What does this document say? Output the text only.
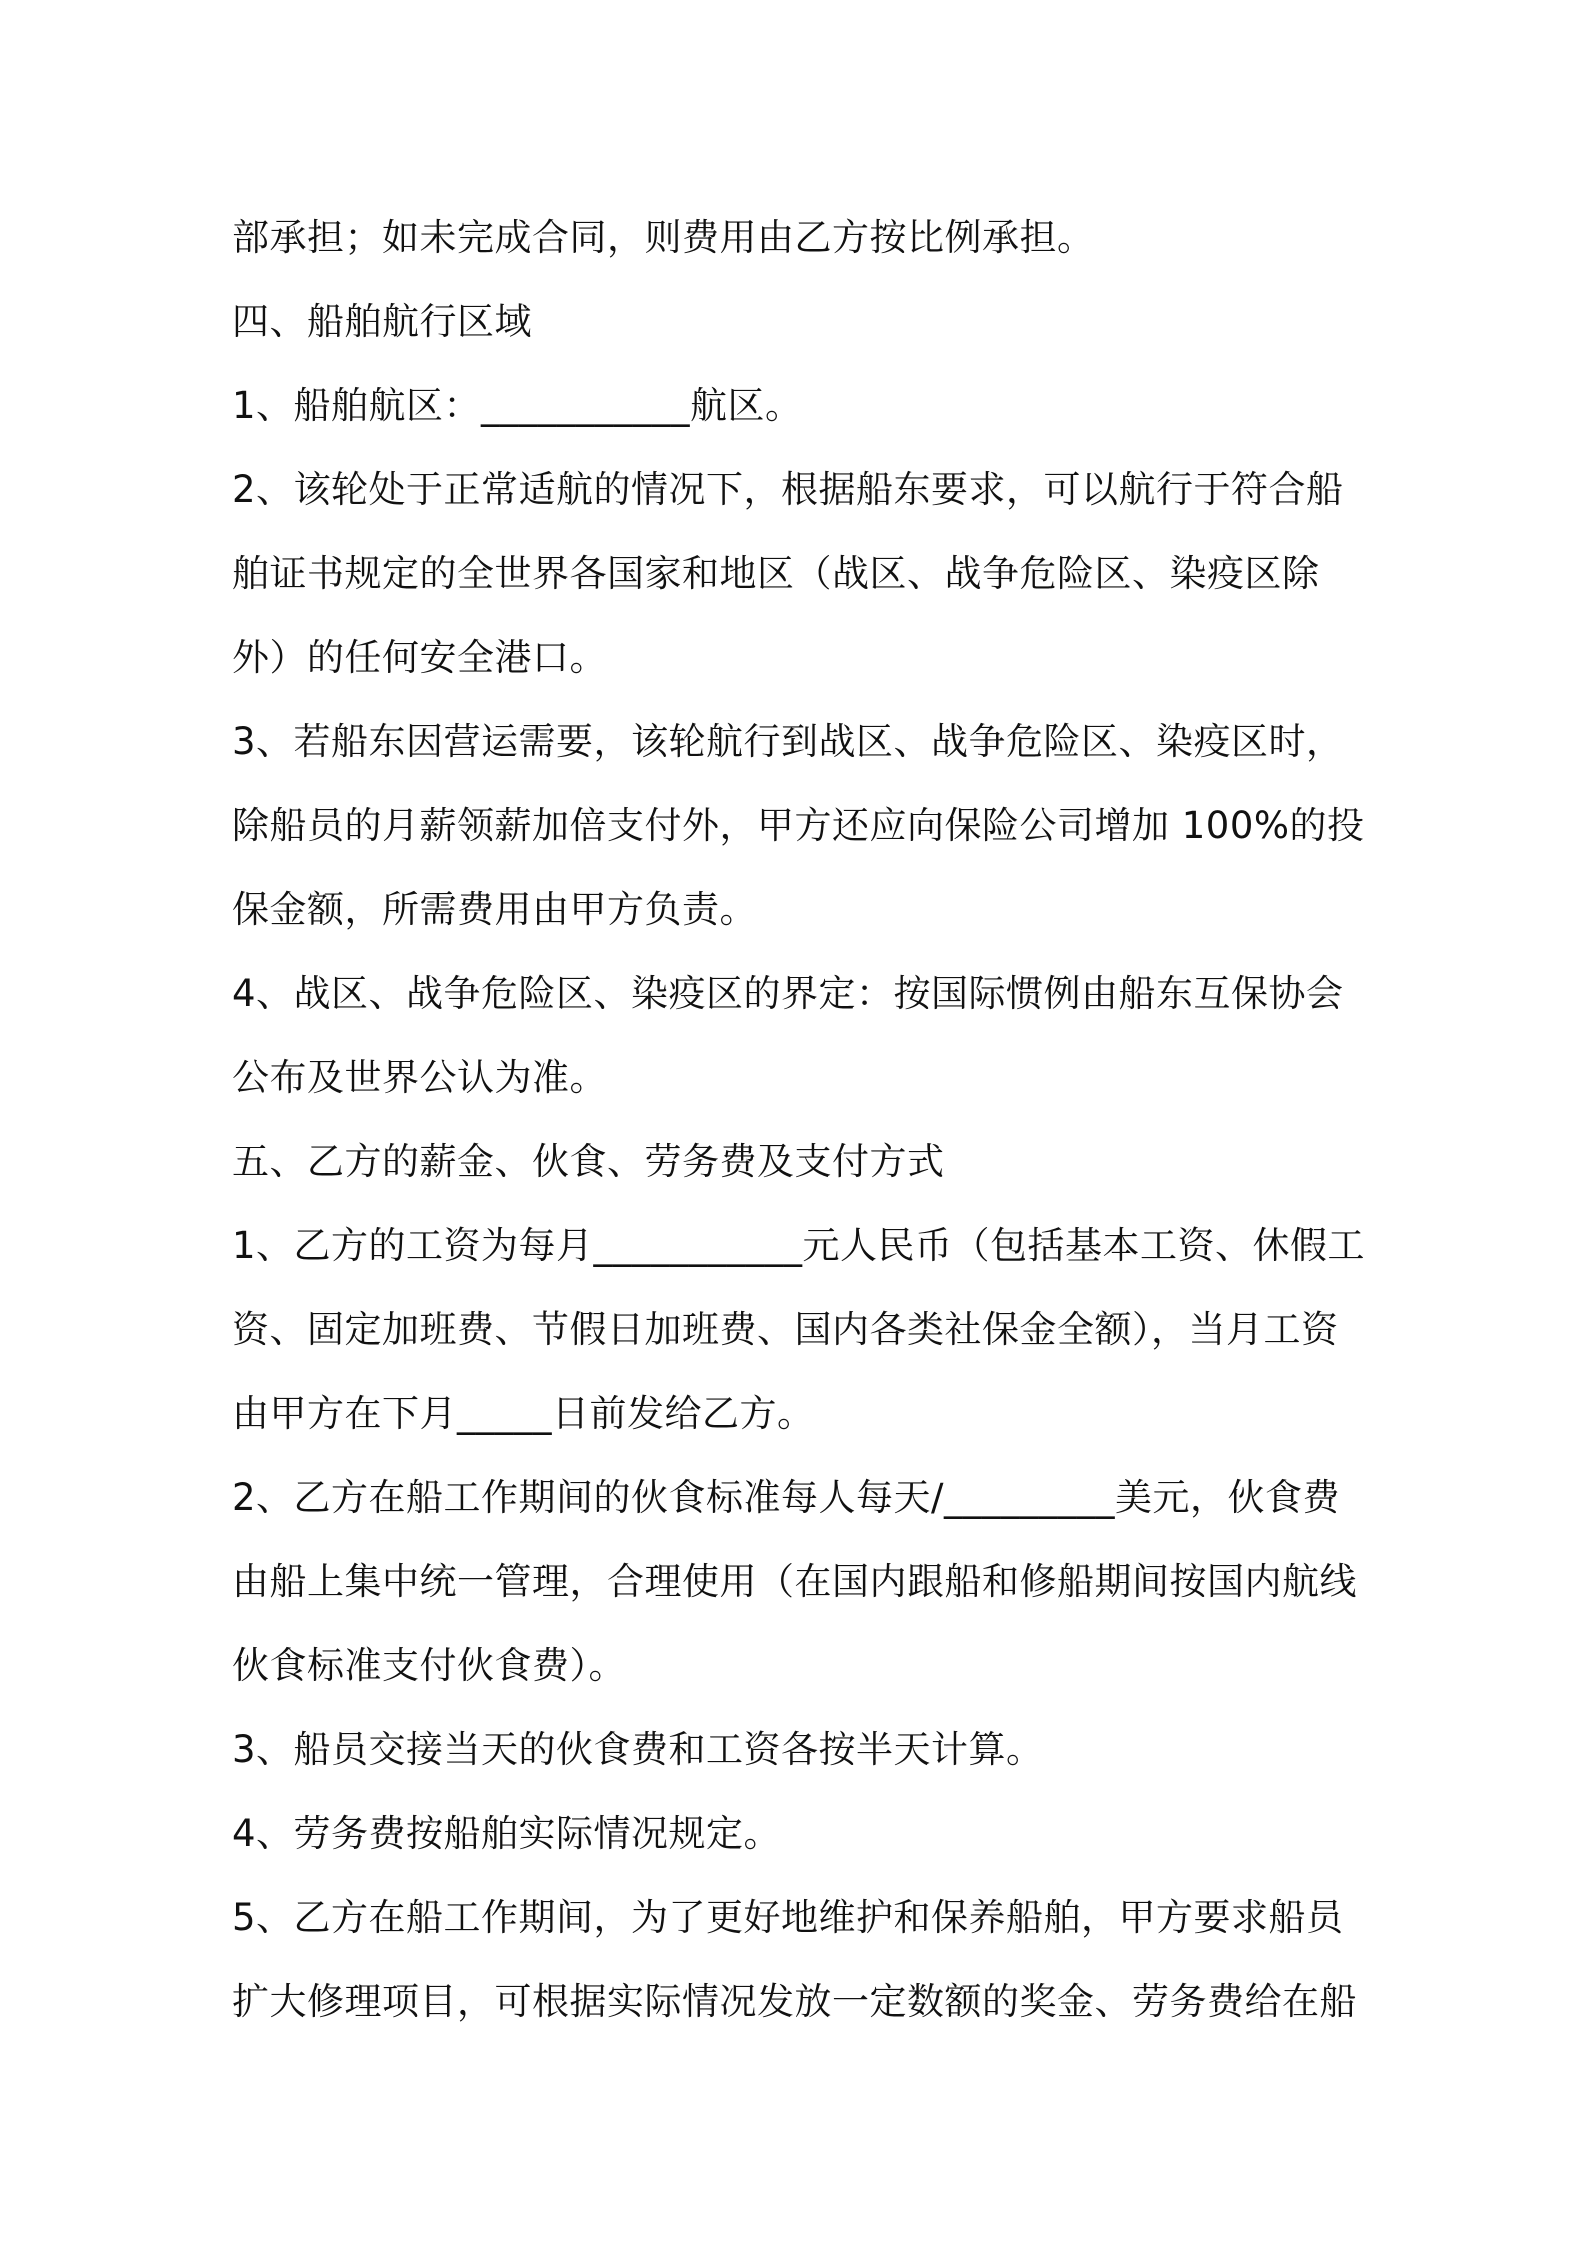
部承担；如未完成合同，则费用由乙方按比例承担。
四、船舶航行区域
1、船舶航区：___________航区。
2、该轮处于正常适航的情况下，根据船东要求，可以航行于符合船
舶证书规定的全世界各国家和地区（战区、战争危险区、染疫区除
外）的任何安全港口。
3、若船东因营运需要，该轮航行到战区、战争危险区、染疫区时，
除船员的月薪领薪加倍支付外，甲方还应向保险公司增加 100%的投
保金额，所需费用由甲方负责。
4、战区、战争危险区、染疫区的界定：按国际惯例由船东互保协会
公布及世界公认为准。
五、乙方的薪金、伙食、劳务费及支付方式
1、乙方的工资为每月___________元人民币（包括基本工资、休假工
资、固定加班费、节假日加班费、国内各类社保金全额），当月工资
由甲方在下月_____日前发给乙方。
2、乙方在船工作期间的伙食标准每人每天/_________美元，伙食费
由船上集中统一管理，合理使用（在国内跟船和修船期间按国内航线
伙食标准支付伙食费）。
3、船员交接当天的伙食费和工资各按半天计算。
4、劳务费按船舶实际情况规定。
5、乙方在船工作期间，为了更好地维护和保养船舶，甲方要求船员
扩大修理项目，可根据实际情况发放一定数额的奖金、劳务费给在船
